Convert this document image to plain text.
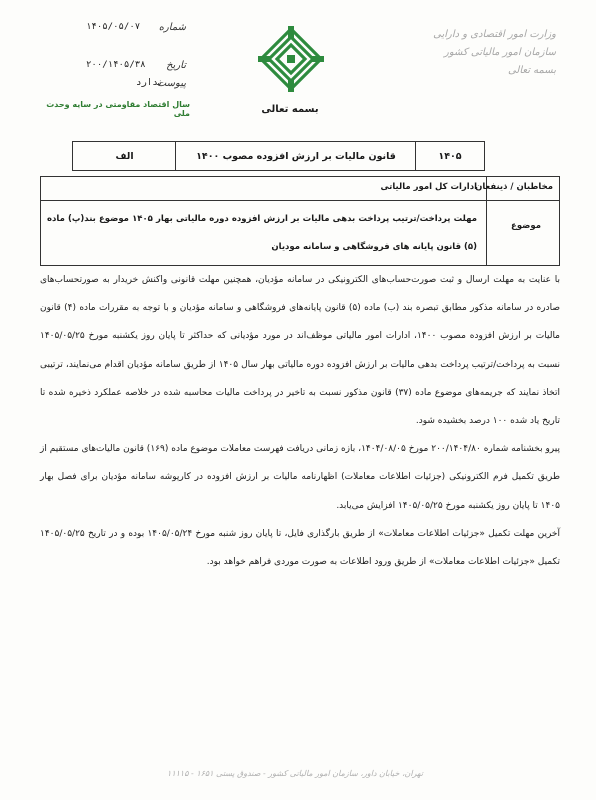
وزارت امور اقتصادی و دارایی
سازمان امور مالیاتی کشور
بسمه تعالی
بسمه تعالی
۱۴۰۵/۰۵/۰۷ شماره
۲۰۰/۱۴۰۵/۳۸ تاریخ
ندارد
پیوست
سال اقتصاد مقاومتی در سایه وحدت ملی
۱۴۰۵
قانون مالیات بر ارزش افزوده مصوب ۱۴۰۰
الف
مخاطبان / ذینفعان
ادارات کل امور مالیاتی
موضوع
مهلت پرداخت/ترتیب پرداخت بدهی مالیات بر ارزش افزوده دوره مالیاتی بهار ۱۴۰۵ موضوع بند(پ) ماده (۵) قانون پایانه های فروشگاهی و سامانه مودیان

با عنایت به مهلت ارسال و ثبت صورت‌حساب‌های الکترونیکی در سامانه مؤدیان، همچنین مهلت قانونی واکنش خریدار به صورتحساب‌های صادره در سامانه مذکور مطابق تبصره بند (ب) ماده (۵) قانون پایانه‌های فروشگاهی و سامانه مؤدیان و با توجه به مقررات ماده (۴) قانون مالیات بر ارزش افزوده مصوب ۱۴۰۰، ادارات امور مالیاتی موظف‌اند در مورد مؤدیانی که حداکثر تا پایان روز یکشنبه مورخ ۱۴۰۵/۰۵/۲۵ نسبت به پرداخت/ترتیب پرداخت بدهی مالیات بر ارزش افزوده دوره مالیاتی بهار سال ۱۴۰۵ از طریق سامانه مؤدیان اقدام می‌نمایند، ترتیبی اتخاذ نمایند که جریمه‌های موضوع ماده (۳۷) قانون مذکور نسبت به تاخیر در پرداخت مالیات محاسبه شده در خلاصه عملکرد ذخیره شده تا تاریخ یاد شده ۱۰۰ درصد بخشیده شود.

پیرو بخشنامه شماره ۲۰۰/۱۴۰۴/۸۰ مورخ ۱۴۰۴/۰۸/۰۵، بازه زمانی دریافت فهرست معاملات موضوع ماده (۱۶۹) قانون مالیات‌های مستقیم از طریق تکمیل فرم الکترونیکی (جزئیات اطلاعات معاملات) اظهارنامه مالیات بر ارزش افزوده در کارپوشه سامانه مؤدیان برای فصل بهار ۱۴۰۵ تا پایان روز یکشنبه مورخ ۱۴۰۵/۰۵/۲۵ افزایش می‌یابد.

آخرین مهلت تکمیل «جزئیات اطلاعات معاملات» از طریق بارگذاری فایل، تا پایان روز شنبه مورخ ۱۴۰۵/۰۵/۲۴ بوده و در تاریخ ۱۴۰۵/۰۵/۲۵ تکمیل «جزئیات اطلاعات معاملات» از طریق ورود اطلاعات به صورت موردی فراهم خواهد بود.

تهران، خیابان داور، سازمان امور مالیاتی کشور - صندوق پستی ۱۶۵۱ - ۱۱۱۱۵
